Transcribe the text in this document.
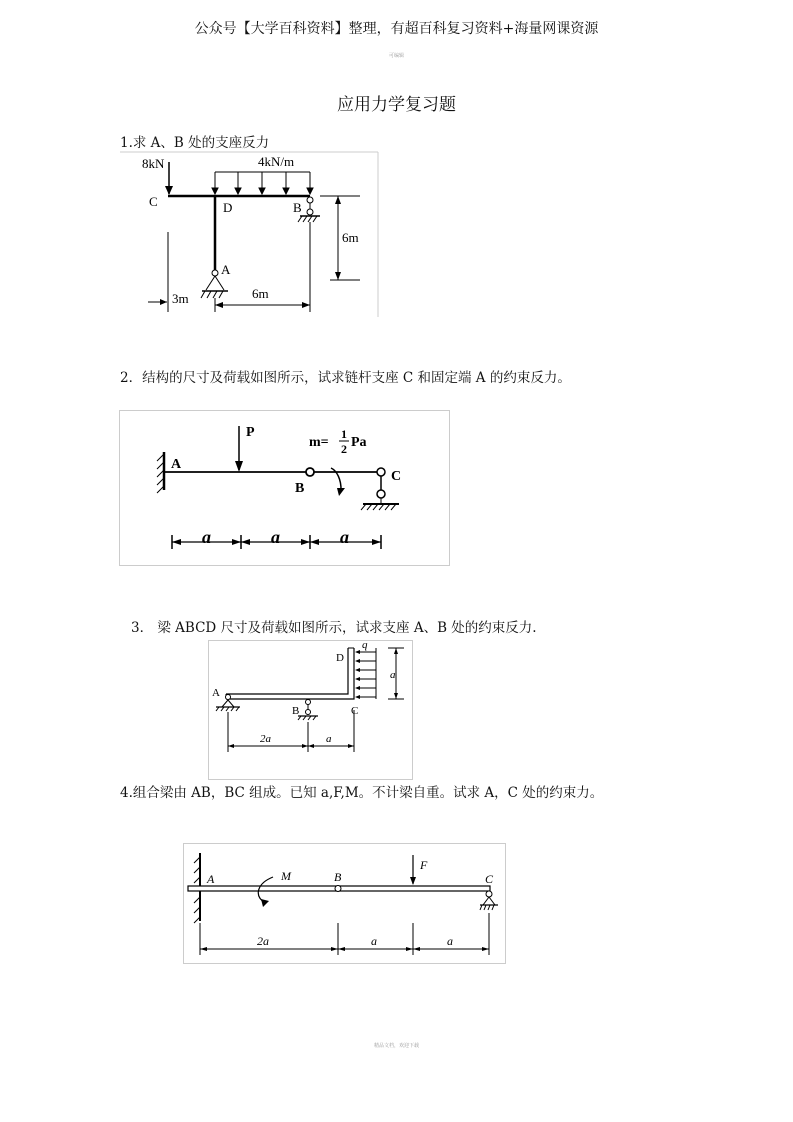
公众号【大学百科资料】整理，有超百科复习资料+海量网课资源
可编辑
应用力学复习题
1.求 A、B 处的支座反力
8kN	4kN/m
C	D	B
A
6m
3m	6m
2．结构的尺寸及荷载如图所示，试求链杆支座 C 和固定端 A 的约束反力。
A
P
m=
1
2 Pa
B
C
a	a	a
3． 梁 ABCD 尺寸及荷载如图所示，试求支座 A、B 处的约束反力.
D
q
A
B	C
a
2a	a
4.组合梁由 AB，BC 组成。已知 a,F,M。不计梁自重。试求 A，C 处的约束力。
A	M	B
F
C
2a	a	a
精品文档，欢迎下载
